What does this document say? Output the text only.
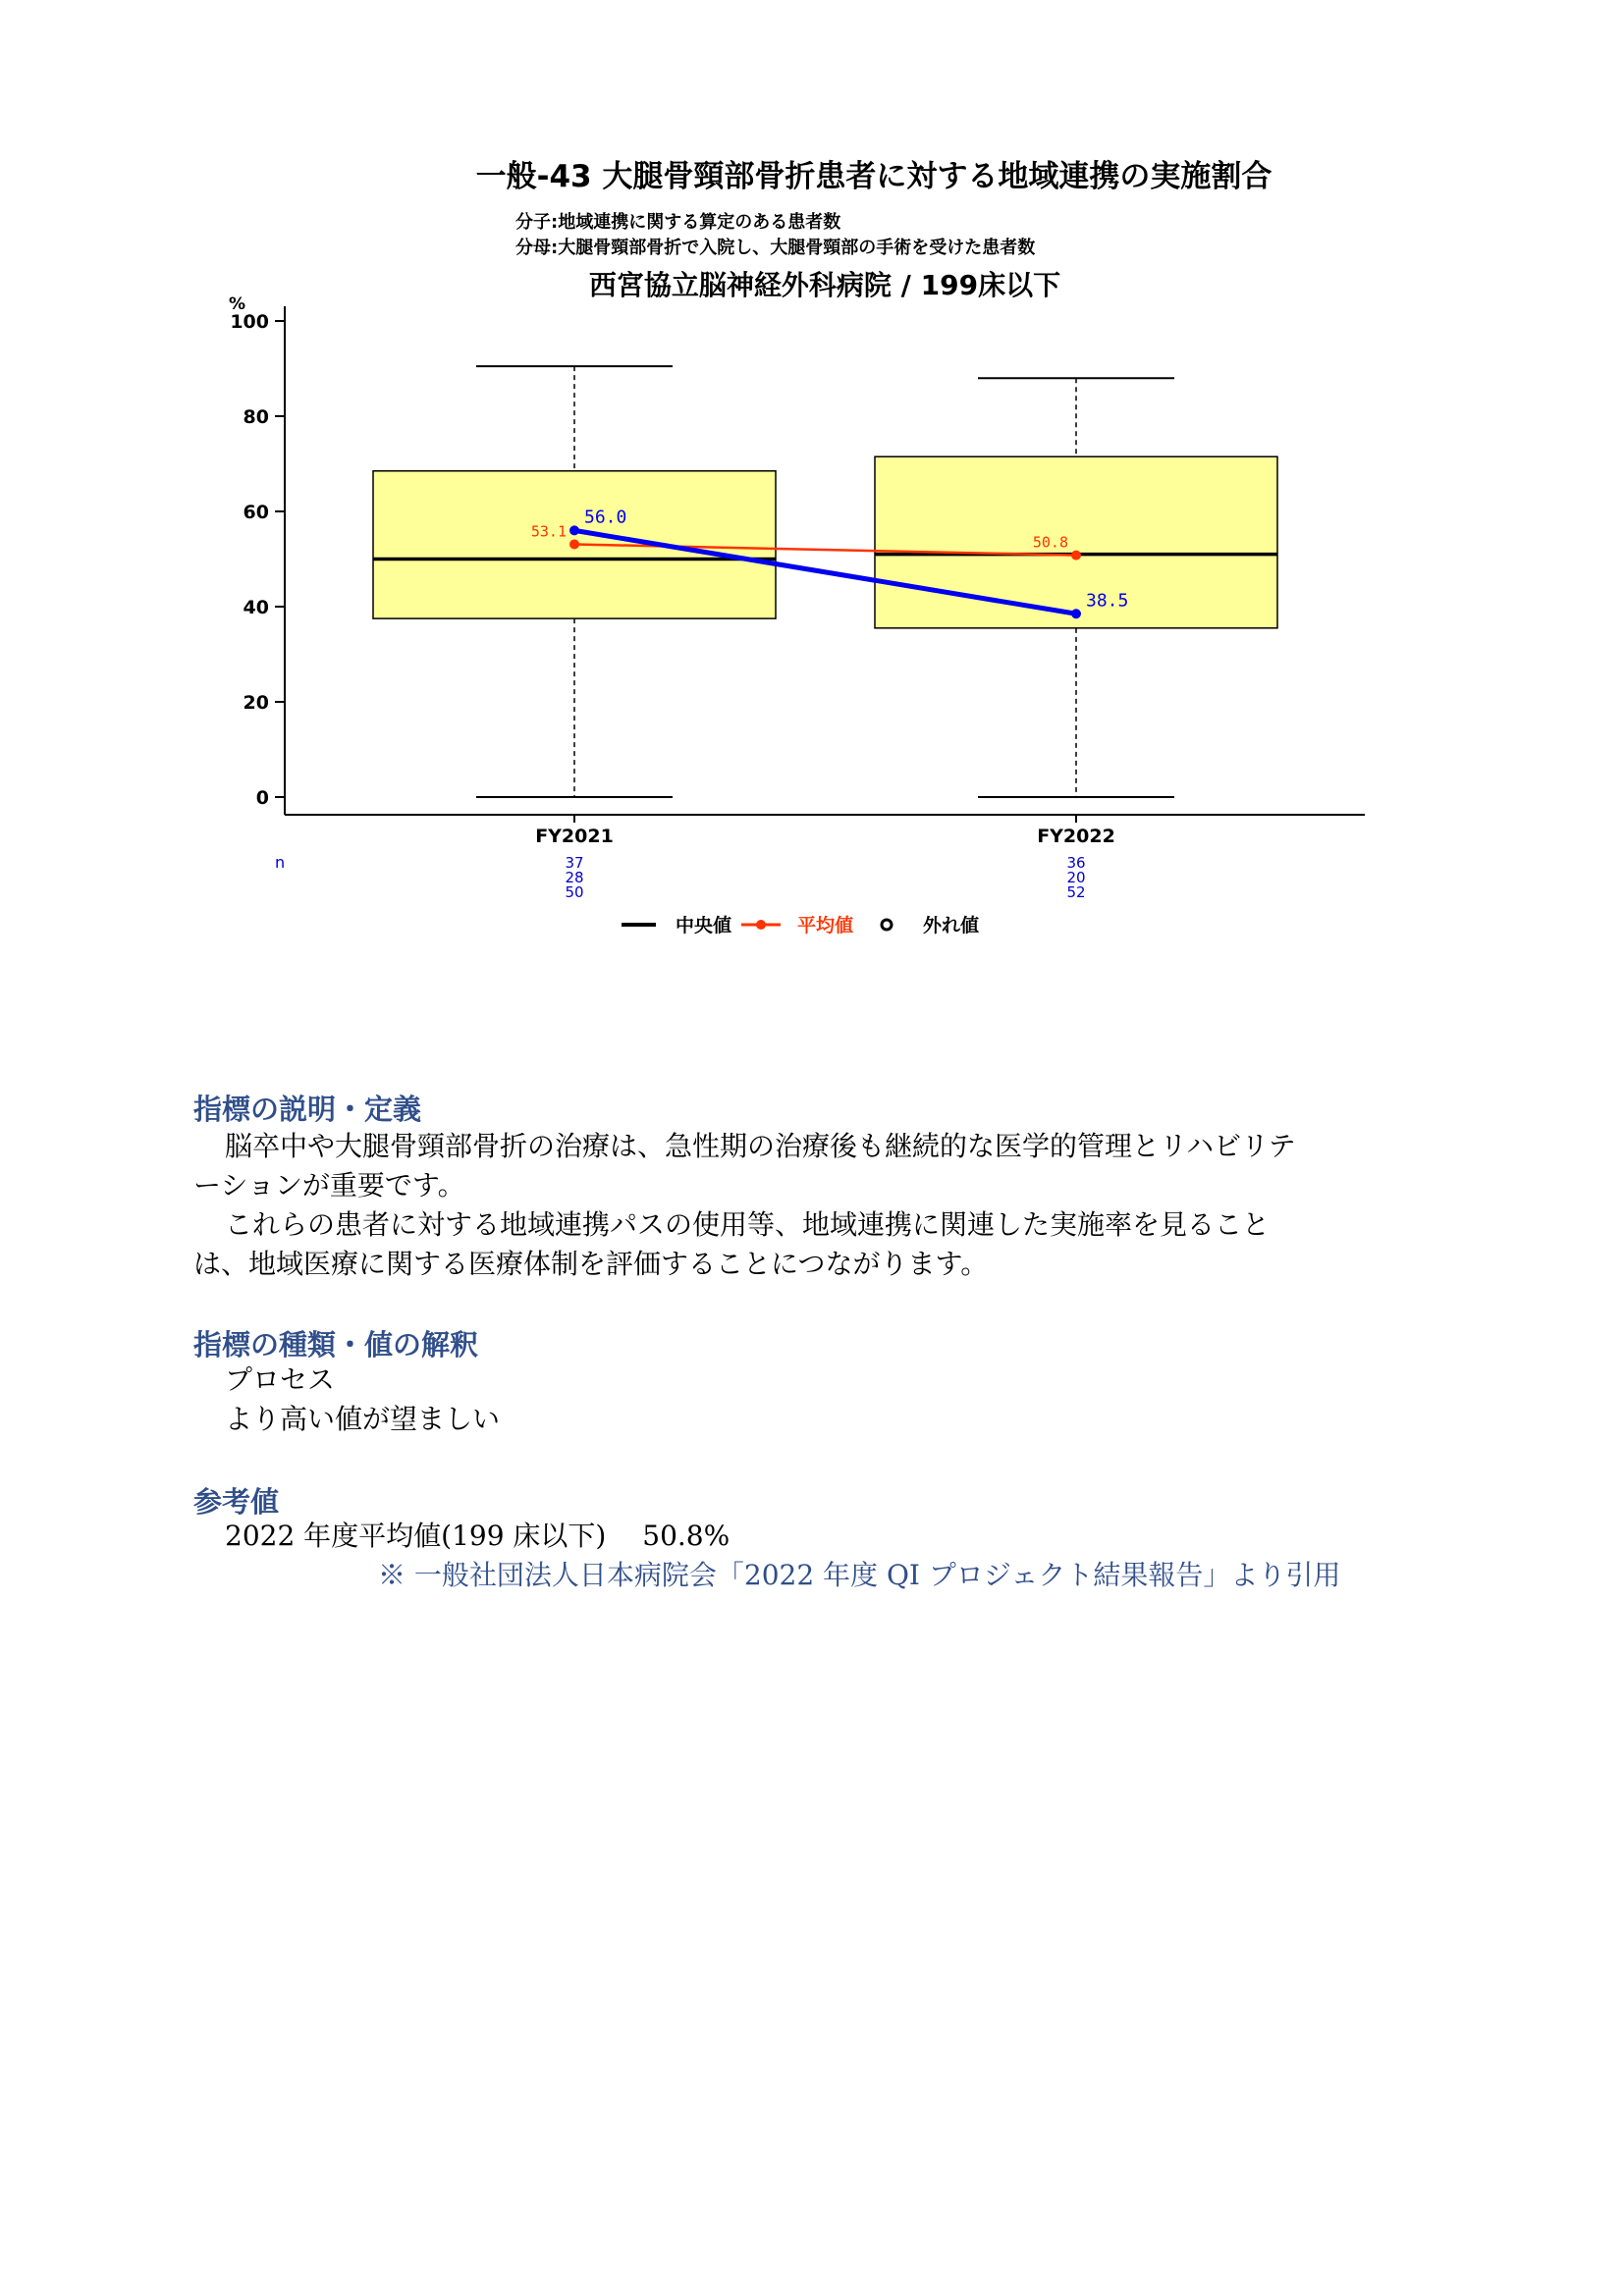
一般-43 大腿骨頸部骨折患者に対する地域連携の実施割合
分子:地域連携に関する算定のある患者数
分母:大腿骨頸部骨折で入院し、大腿骨頸部の手術を受けた患者数
西宮協立脳神経外科病院 / 199床以下
%
0
20
40
60
80
100
53.1
50.8
56.0
38.5
FY2021
37
28
50
FY2022
36
20
52
n
中央値	平均値	外れ値
指標の説明・定義
脳卒中や大腿骨頸部骨折の治療は、急性期の治療後も継続的な医学的管理とリハビリテ
ーションが重要です。
これらの患者に対する地域連携パスの使用等、地域連携に関連した実施率を見ること
は、地域医療に関する医療体制を評価することにつながります。
指標の種類・値の解釈
プロセス
より高い値が望ましい
参考値
2022 年度平均値(199 床以下)　 50.8%
※ 一般社団法人日本病院会「2022 年度 QI プロジェクト結果報告」より引用
